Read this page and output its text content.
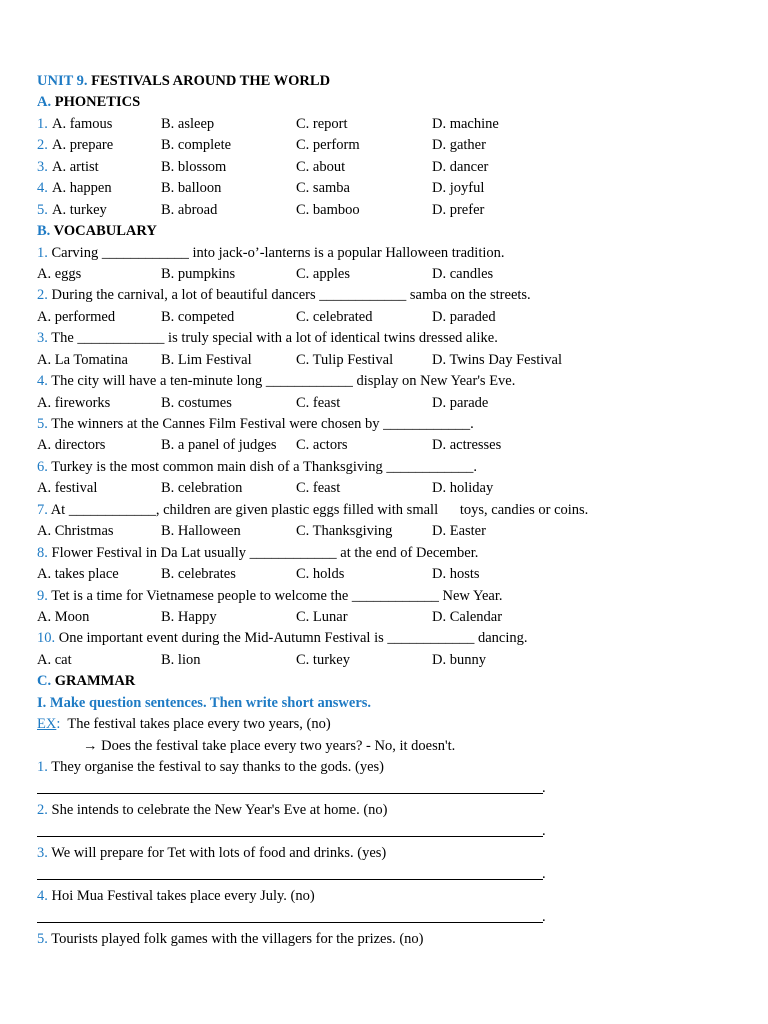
UNIT 9. FESTIVALS AROUND THE WORLD
A. PHONETICS
1. A. famous	B. asleep	C. report	D. machine
2. A. prepare	B. complete	C. perform	D. gather
3. A. artist	B. blossom	C. about	D. dancer
4. A. happen	B. balloon	C. samba	D. joyful
5. A. turkey	B. abroad	C. bamboo	D. prefer
B. VOCABULARY
1. Carving ____________ into jack-o’-lanterns is a popular Halloween tradition.
A. eggs	B. pumpkins	C. apples	D. candles
2. During the carnival, a lot of beautiful dancers ____________ samba on the streets.
A. performed	B. competed	C. celebrated	D. paraded
3. The ____________ is truly special with a lot of identical twins dressed alike.
A. La Tomatina B. Lim Festival	C. Tulip Festival	D. Twins Day Festival
4. The city will have a ten-minute long ____________ display on New Year's Eve.
A. fireworks	B. costumes	C. feast	D. parade
5. The winners at the Cannes Film Festival were chosen by ____________.
A. directors	B. a panel of judges C. actors	D. actresses
6. Turkey is the most common main dish of a Thanksgiving ____________.
A. festival	B. celebration	C. feast	D. holiday
7. At ____________, children are given plastic eggs filled with small      toys, candies or coins.
A. Christmas	B. Halloween	C. Thanksgiving	D. Easter
8. Flower Festival in Da Lat usually ____________ at the end of December.
A. takes place	B. celebrates	C. holds	D. hosts
9. Tet is a time for Vietnamese people to welcome the ____________ New Year.
A. Moon	B. Happy	C. Lunar	D. Calendar
10. One important event during the Mid-Autumn Festival is ____________ dancing.
A. cat	B. lion	C. turkey	D. bunny
C. GRAMMAR
I. Make question sentences. Then write short answers.
EX:  The festival takes place every two years, (no)
→ Does the festival take place every two years? - No, it doesn't.
1. They organise the festival to say thanks to the gods. (yes)
.
2. She intends to celebrate the New Year's Eve at home. (no)
.
3. We will prepare for Tet with lots of food and drinks. (yes)
.
4. Hoi Mua Festival takes place every July. (no)
.
5. Tourists played folk games with the villagers for the prizes. (no)
